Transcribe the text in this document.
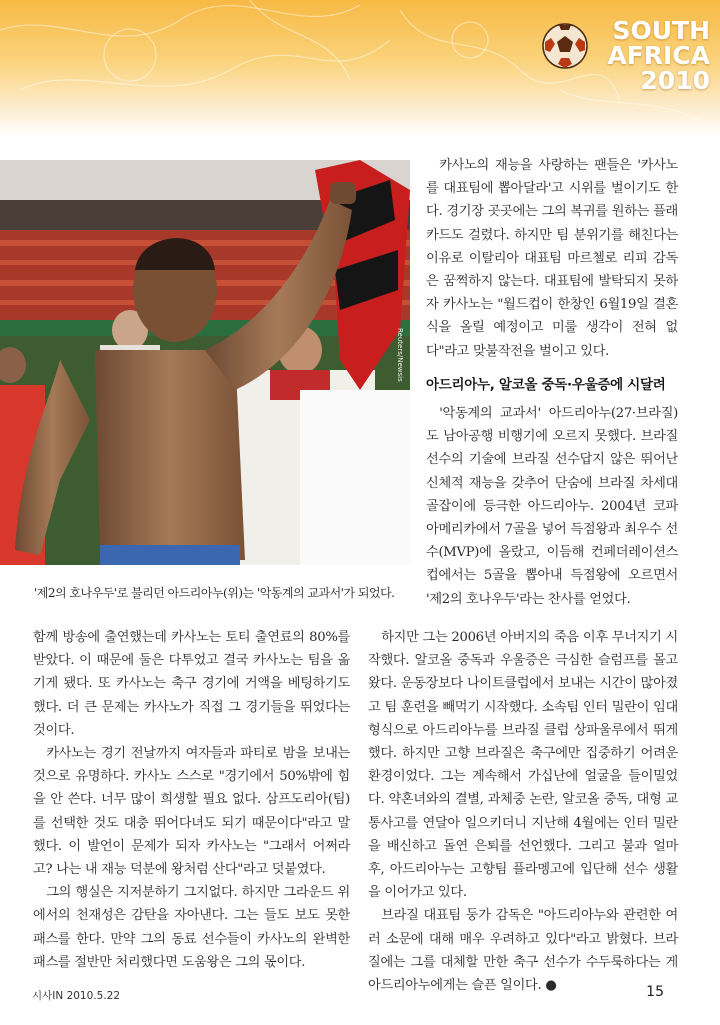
SOUTH
AFRICA
2010
Reuters/Newsis
'제2의 호나우두'로 불리던 아드리아누(위)는 '악동계의 교과서'가 되었다.

카사노의 재능을 사랑하는 팬들은 '카사노를 대표팀에 뽑아달라'고 시위를 벌이기도 한다. 경기장 곳곳에는 그의 복귀를 원하는 플래카드도 걸렸다. 하지만 팀 분위기를 해친다는 이유로 이탈리아 대표팀 마르첼로 리피 감독은 꿈쩍하지 않는다. 대표팀에 발탁되지 못하자 카사노는 "월드컵이 한창인 6월19일 결혼식을 올릴 예정이고 미룰 생각이 전혀 없다"라고 맞불작전을 벌이고 있다.

아드리아누, 알코올 중독·우울증에 시달려

'악동계의 교과서' 아드리아누(27·브라질)도 남아공행 비행기에 오르지 못했다. 브라질 선수의 기술에 브라질 선수답지 않은 뛰어난 신체적 재능을 갖추어 단숨에 브라질 차세대 골잡이에 등극한 아드리아누. 2004년 코파 아메리카에서 7골을 넣어 득점왕과 최우수 선수(MVP)에 올랐고, 이듬해 컨페더레이션스컵에서는 5골을 뽑아내 득점왕에 오르면서 '제2의 호나우두'라는 찬사를 얻었다.

함께 방송에 출연했는데 카사노는 토티 출연료의 80%를 받았다. 이 때문에 둘은 다투었고 결국 카사노는 팀을 옮기게 됐다. 또 카사노는 축구 경기에 거액을 베팅하기도 했다. 더 큰 문제는 카사노가 직접 그 경기들을 뛰었다는 것이다.

카사노는 경기 전날까지 여자들과 파티로 밤을 보내는 것으로 유명하다. 카사노 스스로 "경기에서 50%밖에 힘을 안 쓴다. 너무 많이 희생할 필요 없다. 삼프도리아(팀)를 선택한 것도 대충 뛰어다녀도 되기 때문이다"라고 말했다. 이 발언이 문제가 되자 카사노는 "그래서 어쩌라고? 나는 내 재능 덕분에 왕처럼 산다"라고 덧붙였다.

그의 행실은 지저분하기 그지없다. 하지만 그라운드 위에서의 천재성은 감탄을 자아낸다. 그는 들도 보도 못한 패스를 한다. 만약 그의 동료 선수들이 카사노의 완벽한 패스를 절반만 처리했다면 도움왕은 그의 몫이다.

하지만 그는 2006년 아버지의 죽음 이후 무너지기 시작했다. 알코올 중독과 우울증은 극심한 슬럼프를 몰고 왔다. 운동장보다 나이트클럽에서 보내는 시간이 많아졌고 팀 훈련을 빼먹기 시작했다. 소속팀 인터 밀란이 임대 형식으로 아드리아누를 브라질 클럽 상파울루에서 뛰게 했다. 하지만 고향 브라질은 축구에만 집중하기 어려운 환경이었다. 그는 계속해서 가십난에 얼굴을 들이밀었다. 약혼녀와의 결별, 과체중 논란, 알코올 중독, 대형 교통사고를 연달아 일으키더니 지난해 4월에는 인터 밀란을 배신하고 돌연 은퇴를 선언했다. 그리고 불과 얼마 후, 아드리아누는 고향팀 플라멩고에 입단해 선수 생활을 이어가고 있다.

브라질 대표팀 둥가 감독은 "아드리아누와 관련한 여러 소문에 대해 매우 우려하고 있다"라고 밝혔다. 브라질에는 그를 대체할 만한 축구 선수가 수두룩하다는 게 아드리아누에게는 슬픈 일이다. ●

시사IN 2010.5.22	15
